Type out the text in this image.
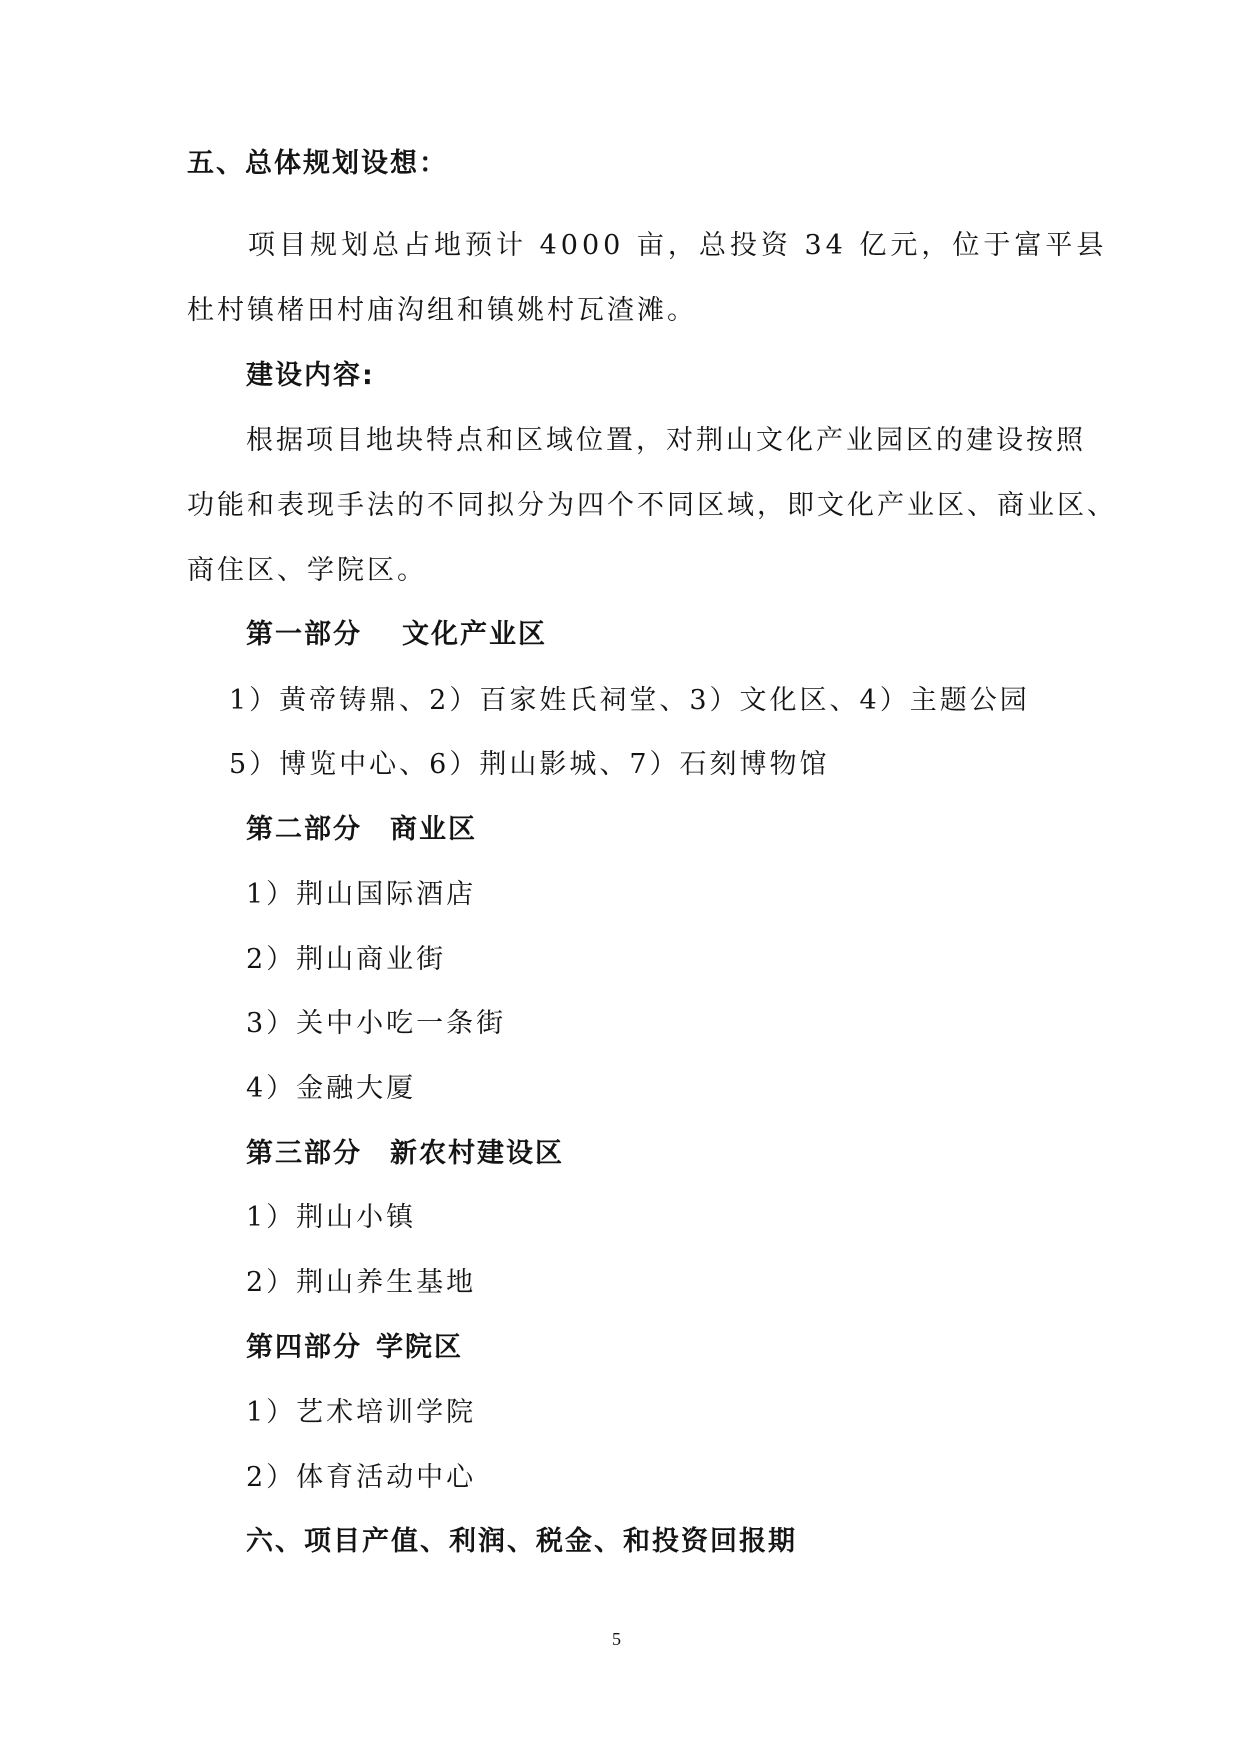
五、总体规划设想：
项目规划总占地预计 4000 亩，总投资 34 亿元，位于富平县
杜村镇楮田村庙沟组和镇姚村瓦渣滩。
建设内容:
根据项目地块特点和区域位置，对荆山文化产业园区的建设按照
功能和表现手法的不同拟分为四个不同区域，即文化产业区、商业区、
商住区、学院区。
第一部分 文化产业区
1）黄帝铸鼎、2）百家姓氏祠堂、3）文化区、4）主题公园
5）博览中心、6）荆山影城、7）石刻博物馆
第二部分 商业区
1）荆山国际酒店
2）荆山商业街
3）关中小吃一条街
4）金融大厦
第三部分 新农村建设区
1）荆山小镇
2）荆山养生基地
第四部分 学院区
1）艺术培训学院
2）体育活动中心
六、项目产值、利润、税金、和投资回报期
5
